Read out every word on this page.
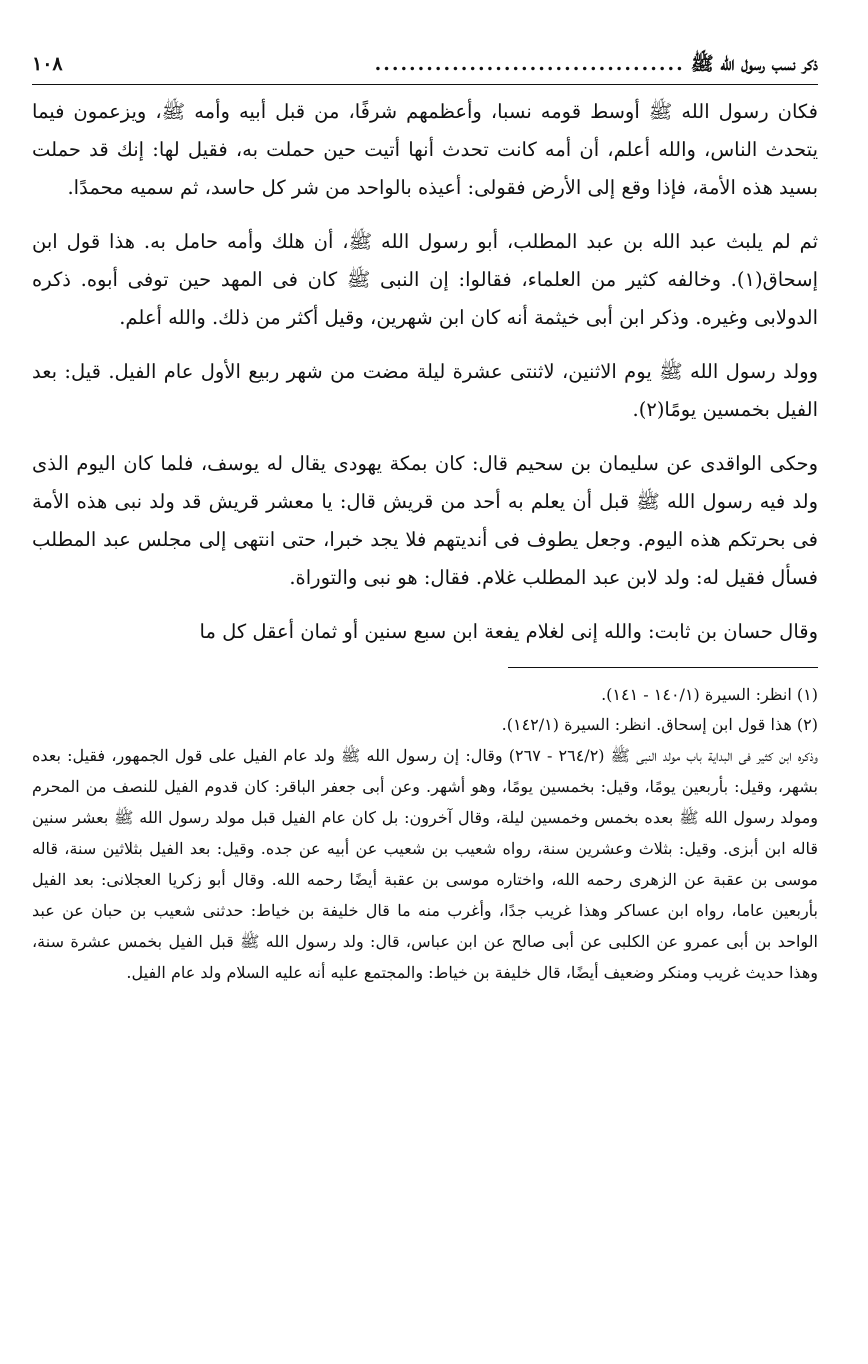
ذكر نسب رسول الله ﷺ
....................................
١٠٨

فكان رسول الله ﷺ أوسط قومه نسبا، وأعظمهم شرفًا، من قبل أبيه وأمه ﷺ، ويزعمون فيما يتحدث الناس، والله أعلم، أن أمه كانت تحدث أنها أتيت حين حملت به، فقيل لها: إنك قد حملت بسيد هذه الأمة، فإذا وقع إلى الأرض فقولى: أعيذه بالواحد من شر كل حاسد، ثم سميه محمدًا.

ثم لم يلبث عبد الله بن عبد المطلب، أبو رسول الله ﷺ، أن هلك وأمه حامل به. هذا قول ابن إسحاق(١). وخالفه كثير من العلماء، فقالوا: إن النبى ﷺ كان فى المهد حين توفى أبوه. ذكره الدولابى وغيره. وذكر ابن أبى خيثمة أنه كان ابن شهرين، وقيل أكثر من ذلك. والله أعلم.

وولد رسول الله ﷺ يوم الاثنين، لاثنتى عشرة ليلة مضت من شهر ربيع الأول عام الفيل. قيل: بعد الفيل بخمسين يومًا(٢).

وحكى الواقدى عن سليمان بن سحيم قال: كان بمكة يهودى يقال له يوسف، فلما كان اليوم الذى ولد فيه رسول الله ﷺ قبل أن يعلم به أحد من قريش قال: يا معشر قريش قد ولد نبى هذه الأمة فى بحرتكم هذه اليوم. وجعل يطوف فى أنديتهم فلا يجد خبرا، حتى انتهى إلى مجلس عبد المطلب فسأل فقيل له: ولد لابن عبد المطلب غلام. فقال: هو نبى والتوراة.

وقال حسان بن ثابت: والله إنى لغلام يفعة ابن سبع سنين أو ثمان أعقل كل ما

(١) انظر: السيرة (١٤٠/١ - ١٤١).

(٢) هذا قول ابن إسحاق. انظر: السيرة (١٤٢/١).

وذكره ابن كثير فى البداية باب مولد النبى ﷺ (٢٦٤/٢ - ٢٦٧) وقال: إن رسول الله ﷺ ولد عام الفيل على قول الجمهور، فقيل: بعده بشهر، وقيل: بأربعين يومًا، وقيل: بخمسين يومًا، وهو أشهر. وعن أبى جعفر الباقر: كان قدوم الفيل للنصف من المحرم ومولد رسول الله ﷺ بعده بخمس وخمسين ليلة، وقال آخرون: بل كان عام الفيل قبل مولد رسول الله ﷺ بعشر سنين قاله ابن أبزى. وقيل: بثلاث وعشرين سنة، رواه شعيب بن شعيب عن أبيه عن جده. وقيل: بعد الفيل بثلاثين سنة، قاله موسى بن عقبة عن الزهرى رحمه الله، واختاره موسى بن عقبة أيضًا رحمه الله. وقال أبو زكريا العجلانى: بعد الفيل بأربعين عاما، رواه ابن عساكر وهذا غريب جدًا، وأغرب منه ما قال خليفة بن خياط: حدثنى شعيب بن حبان عن عبد الواحد بن أبى عمرو عن الكلبى عن أبى صالح عن ابن عباس، قال: ولد رسول الله ﷺ قبل الفيل بخمس عشرة سنة، وهذا حديث غريب ومنكر وضعيف أيضًا، قال خليفة بن خياط: والمجتمع عليه أنه عليه السلام ولد عام الفيل.
